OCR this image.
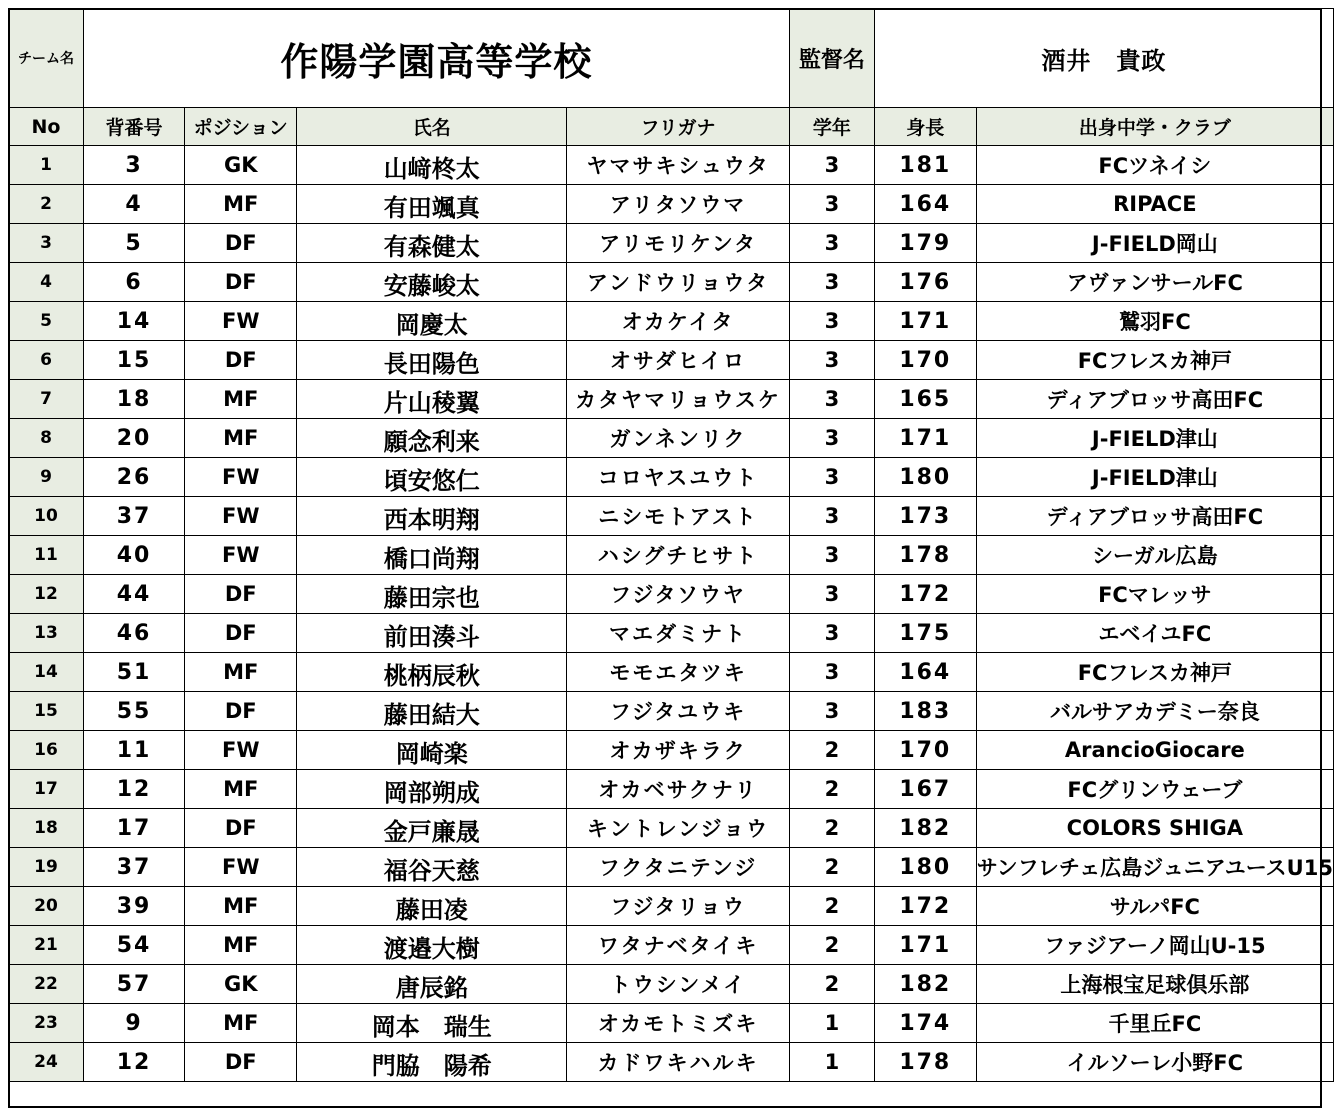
チーム名	作陽学園高等学校				監督名	酒井　貴政	
No	背番号	ポジション	氏名	フリガナ	学年	身長	出身中学・クラブ
1	3	GK	山﨑柊太	ヤマサキシュウタ	3	181	FCツネイシ
2	4	MF	有田颯真	アリタソウマ	3	164	RIPACE
3	5	DF	有森健太	アリモリケンタ	3	179	J-FIELD岡山
4	6	DF	安藤峻太	アンドウリョウタ	3	176	アヴァンサールFC
5	14	FW	岡慶太	オカケイタ	3	171	鷲羽FC
6	15	DF	長田陽色	オサダヒイロ	3	170	FCフレスカ神戸
7	18	MF	片山稜翼	カタヤマリョウスケ	3	165	ディアブロッサ高田FC
8	20	MF	願念利来	ガンネンリク	3	171	J-FIELD津山
9	26	FW	頃安悠仁	コロヤスユウト	3	180	J-FIELD津山
10	37	FW	西本明翔	ニシモトアスト	3	173	ディアブロッサ高田FC
11	40	FW	橋口尚翔	ハシグチヒサト	3	178	シーガル広島
12	44	DF	藤田宗也	フジタソウヤ	3	172	FCマレッサ
13	46	DF	前田湊斗	マエダミナト	3	175	エベイユFC
14	51	MF	桃柄辰秋	モモエタツキ	3	164	FCフレスカ神戸
15	55	DF	藤田結大	フジタユウキ	3	183	バルサアカデミー奈良
16	11	FW	岡崎楽	オカザキラク	2	170	ArancioGiocare
17	12	MF	岡部朔成	オカベサクナリ	2	167	FCグリンウェーブ
18	17	DF	金戸廉晟	キントレンジョウ	2	182	COLORS SHIGA
19	37	FW	福谷天慈	フクタニテンジ	2	180	サンフレチェ広島ジュニアユースU15
20	39	MF	藤田凌	フジタリョウ	2	172	サルパFC
21	54	MF	渡邉大樹	ワタナベタイキ	2	171	ファジアーノ岡山U-15
22	57	GK	唐辰銘	トウシンメイ	2	182	上海根宝足球倶乐部
23	9	MF	岡本　瑞生	オカモトミズキ	1	174	千里丘FC
24	12	DF	門脇　陽希	カドワキハルキ	1	178	イルソーレ小野FC
